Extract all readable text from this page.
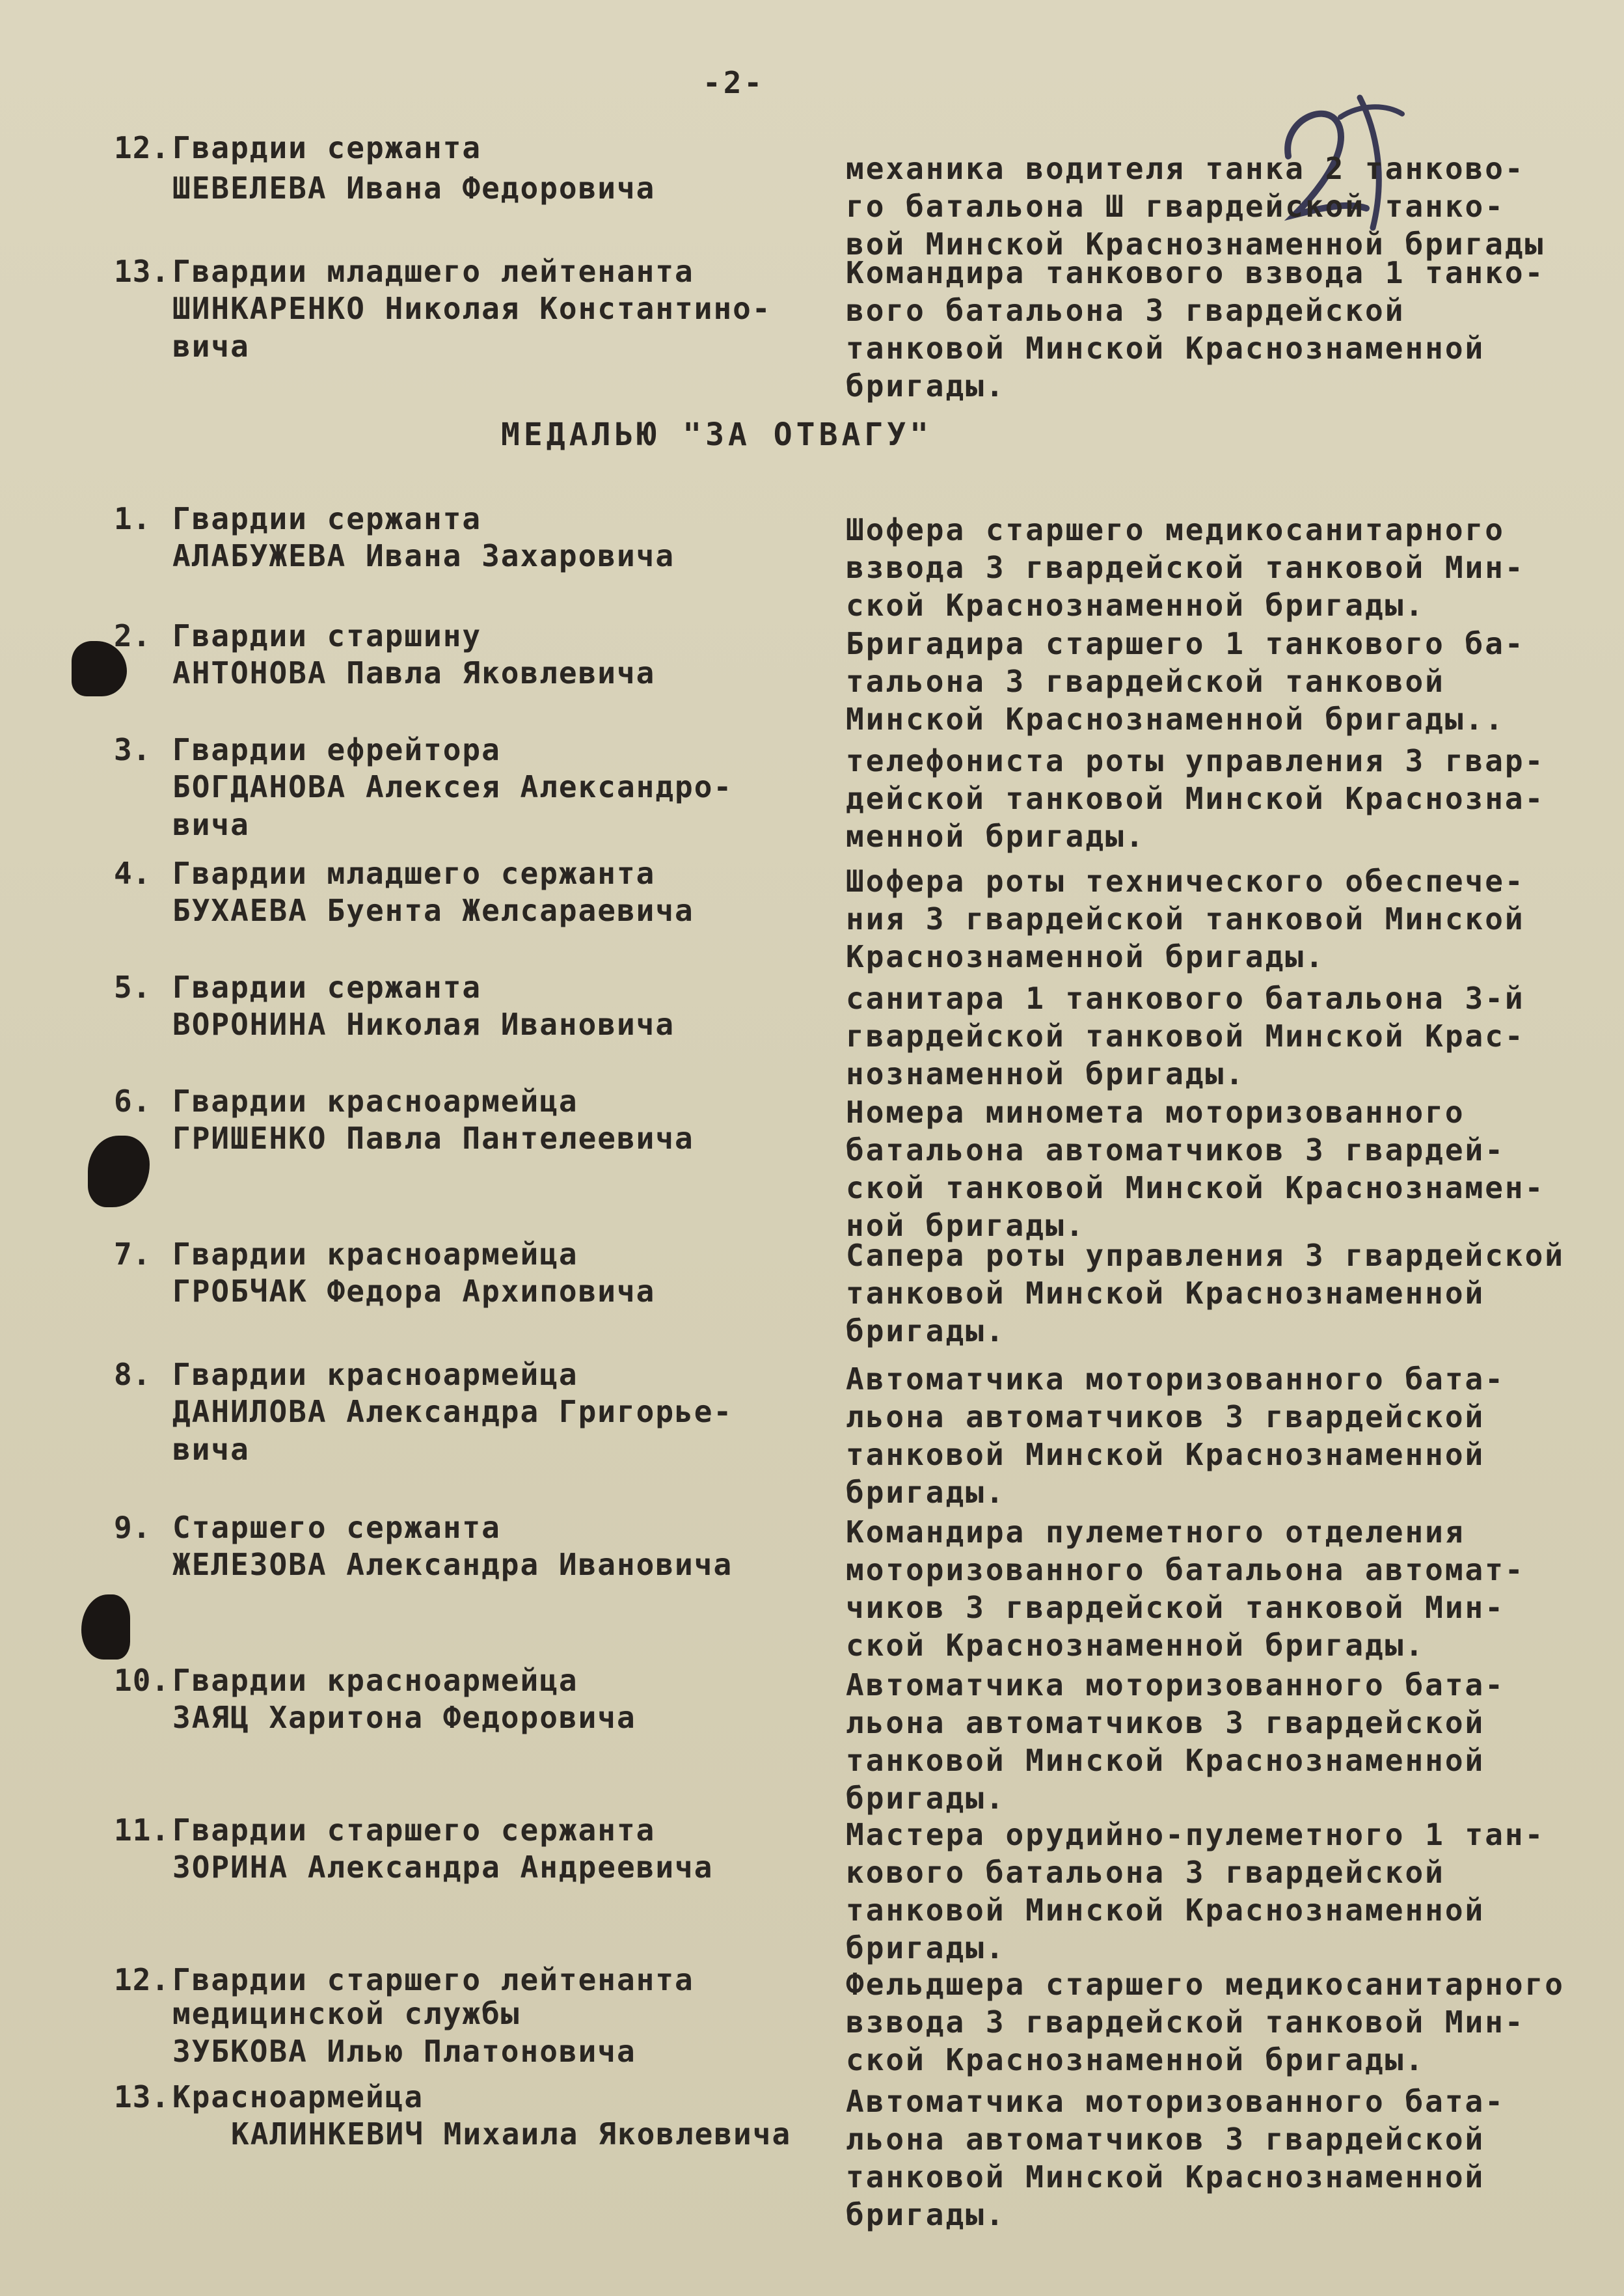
-2-
12. Гвардии сержанта
ШЕВЕЛЕВА Ивана Федоровича
механика водителя танка 2 танково-
го батальона Ш гвардейской танко-
вой Минской Краснознаменной бригады
13. Гвардии младшего лейтенанта
ШИНКАРЕНКО Николая Константино-
вича
Командира танкового взвода 1 танко-
вого батальона 3 гвардейской
танковой Минской Краснознаменной
бригады.
МЕДАЛЬЮ "ЗА ОТВАГУ"
1. Гвардии сержанта
АЛАБУЖЕВА Ивана Захаровича
Шофера старшего медикосанитарного
взвода 3 гвардейской танковой Мин-
ской Краснознаменной бригады.
2. Гвардии старшину
АНТОНОВА Павла Яковлевича
Бригадира старшего 1 танкового ба-
тальона 3 гвардейской танковой
Минской Краснознаменной бригады..
3. Гвардии ефрейтора
БОГДАНОВА Алексея Александро-
вича
телефониста роты управления 3 гвар-
дейской танковой Минской Краснозна-
менной бригады.
4. Гвардии младшего сержанта
БУХАЕВА Буента Желсараевича
Шофера роты технического обеспече-
ния 3 гвардейской танковой Минской
Краснознаменной бригады.
5. Гвардии сержанта
ВОРОНИНА Николая Ивановича
санитара 1 танкового батальона 3-й
гвардейской танковой Минской Крас-
нознаменной бригады.
6. Гвардии красноармейца
ГРИШЕНКО Павла Пантелеевича
Номера миномета моторизованного
батальона автоматчиков 3 гвардей-
ской танковой Минской Краснознамен-
ной бригады.
7. Гвардии красноармейца
ГРОБЧАК Федора Архиповича
Сапера роты управления 3 гвардейской
танковой Минской Краснознаменной
бригады.
8. Гвардии красноармейца
ДАНИЛОВА Александра Григорье-
вича
Автоматчика моторизованного бата-
льона автоматчиков 3 гвардейской
танковой Минской Краснознаменной
бригады.
9. Старшего сержанта
ЖЕЛЕЗОВА Александра Ивановича
Командира пулеметного отделения
моторизованного батальона автомат-
чиков 3 гвардейской танковой Мин-
ской Краснознаменной бригады.
10. Гвардии красноармейца
ЗАЯЦ Харитона Федоровича
Автоматчика моторизованного бата-
льона автоматчиков 3 гвардейской
танковой Минской Краснознаменной
бригады.
11. Гвардии старшего сержанта
ЗОРИНА Александра Андреевича
Мастера орудийно-пулеметного 1 тан-
кового батальона 3 гвардейской
танковой Минской Краснознаменной
бригады.
12. Гвардии старшего лейтенанта
медицинской службы
ЗУБКОВА Илью Платоновича
Фельдшера старшего медикосанитарного
взвода 3 гвардейской танковой Мин-
ской Краснознаменной бригады.
13. Красноармейца
КАЛИНКЕВИЧ Михаила Яковлевича
Автоматчика моторизованного бата-
льона автоматчиков 3 гвардейской
танковой Минской Краснознаменной
бригады.
